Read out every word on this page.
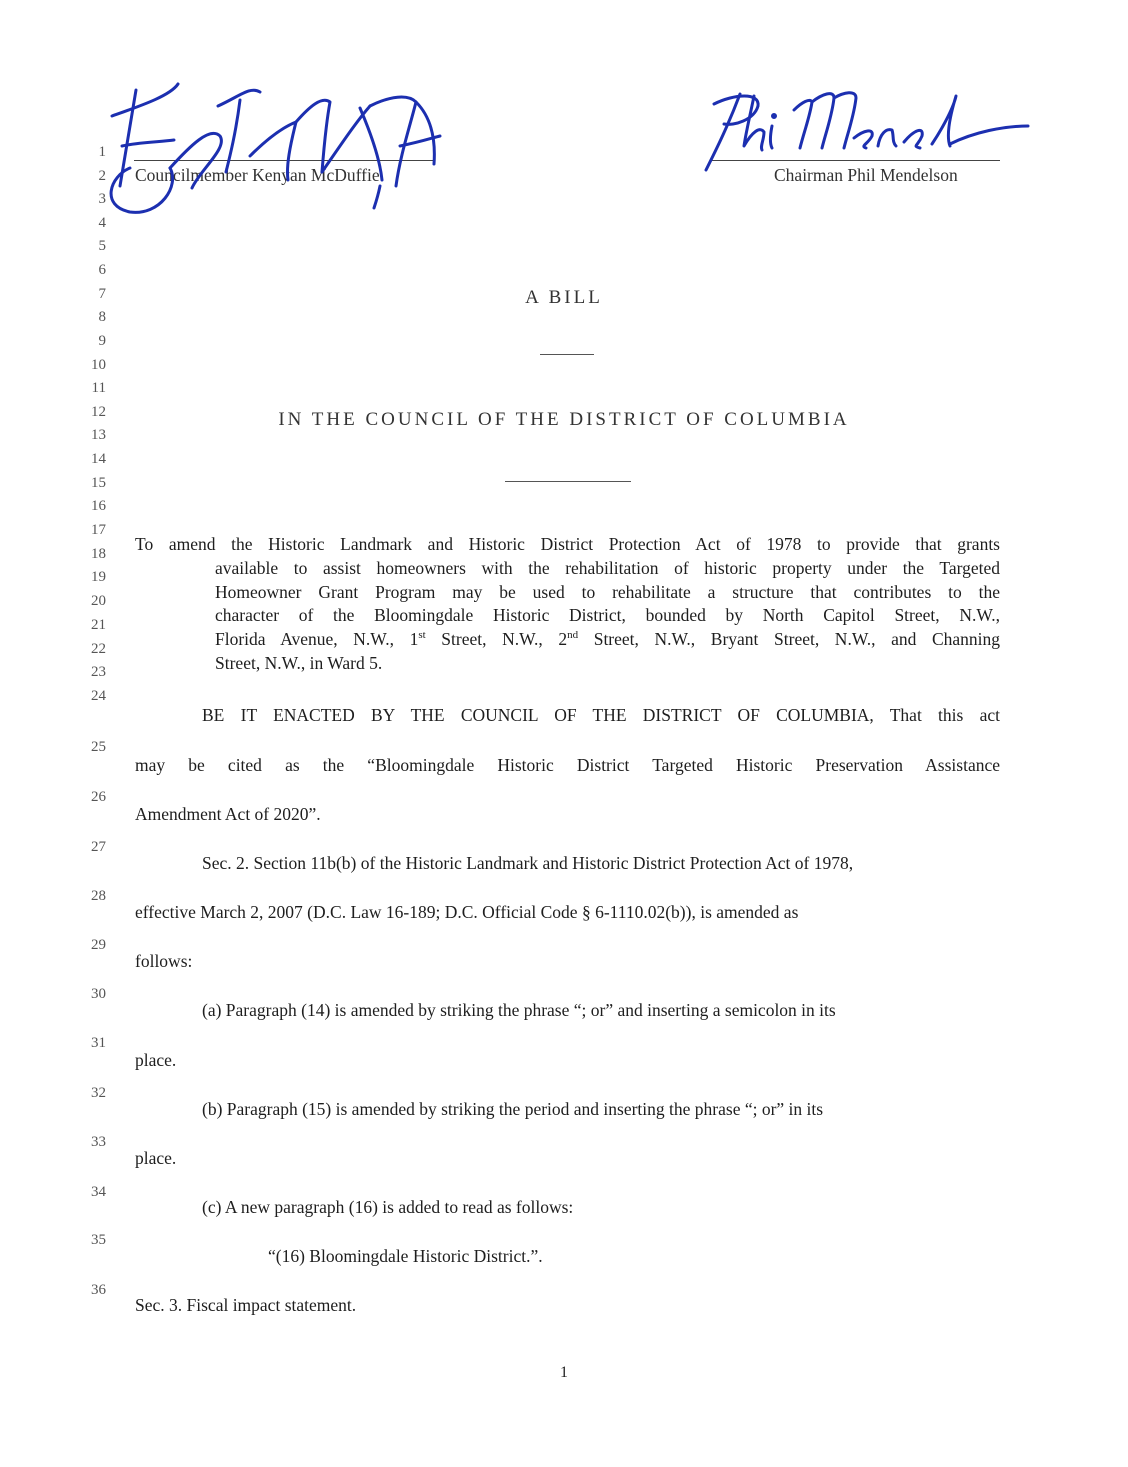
1
2
3
4
5
6
7
8
9
10
11
12
13
14
15
16
17
18
19
20
21
22
23
24
25
26
27
28
29
30
31
32
33
34
35
36
Councilmember Kenyan McDuffie	Chairman Phil Mendelson
A BILL
IN THE COUNCIL OF THE DISTRICT OF COLUMBIA
To amend the Historic Landmark and Historic District Protection Act of 1978 to provide that grants
available to assist homeowners with the rehabilitation of historic property under the Targeted
Homeowner Grant Program may be used to rehabilitate a structure that contributes to the
character of the Bloomingdale Historic District, bounded by North Capitol Street, N.W.,
Florida Avenue, N.W., 1st Street, N.W., 2nd Street, N.W., Bryant Street, N.W., and Channing
Street, N.W., in Ward 5.
BE IT ENACTED BY THE COUNCIL OF THE DISTRICT OF COLUMBIA, That this act
may be cited as the “Bloomingdale Historic District Targeted Historic Preservation Assistance
Amendment Act of 2020”.
Sec. 2. Section 11b(b) of the Historic Landmark and Historic District Protection Act of 1978,
effective March 2, 2007 (D.C. Law 16-189; D.C. Official Code § 6-1110.02(b)), is amended as
follows:
(a) Paragraph (14) is amended by striking the phrase “; or” and inserting a semicolon in its
place.
(b) Paragraph (15) is amended by striking the period and inserting the phrase “; or” in its
place.
(c) A new paragraph (16) is added to read as follows:
“(16) Bloomingdale Historic District.”.
Sec. 3. Fiscal impact statement.
1
